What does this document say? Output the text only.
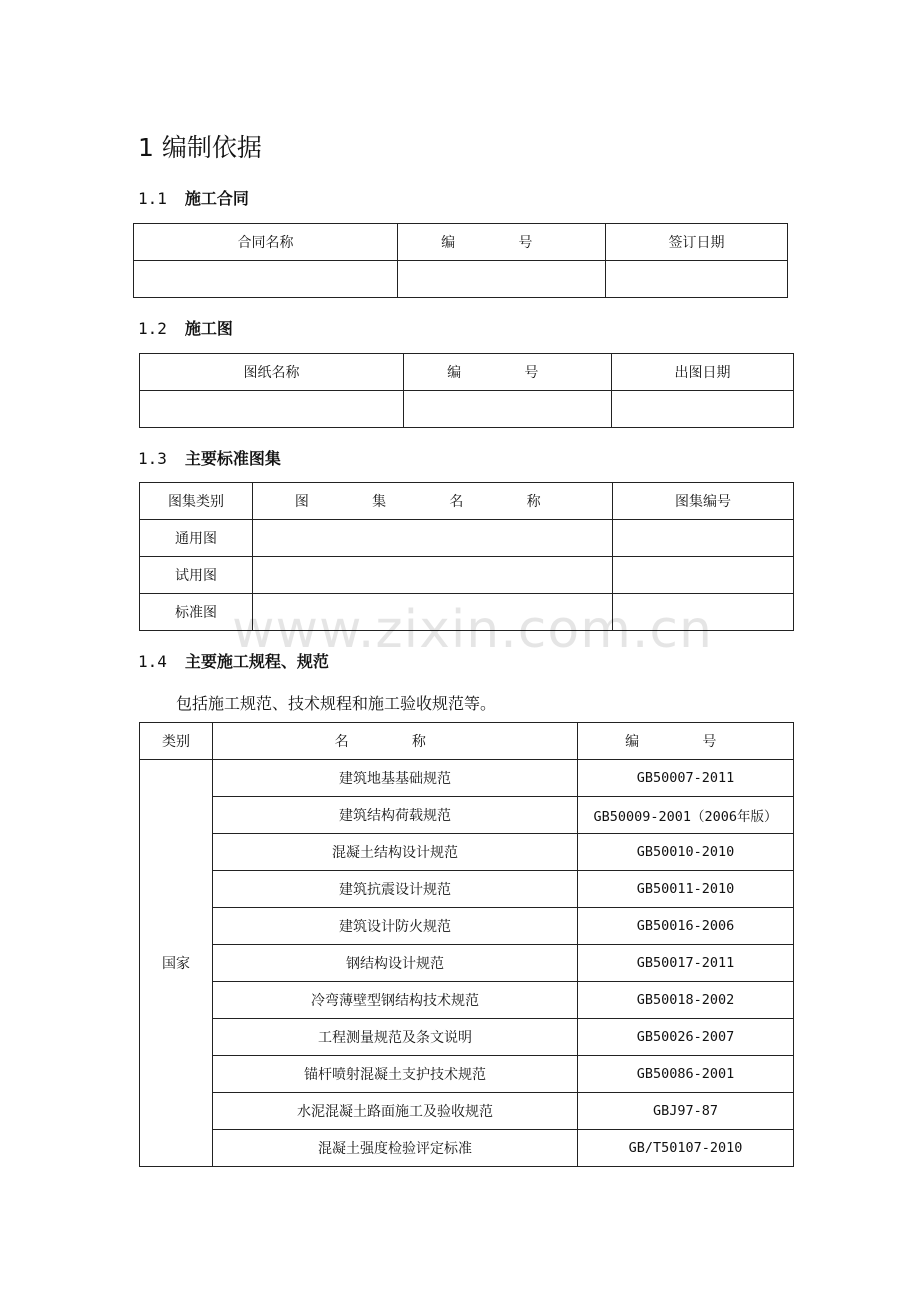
1 编制依据
1.1 施工合同
合同名称	编 号	签订日期

1.2 施工图
图纸名称	编 号	出图日期

1.3 主要标准图集
图集类别	图 集 名 称	图集编号
通用图		
试用图		
标准图		www.zixin.com.cn
1.4 主要施工规程、规范
包括施工规范、技术规程和施工验收规范等。
类别	名 称	编 号
国家	建筑地基基础规范	GB50007-2011
	建筑结构荷载规范	GB50009-2001（2006年版）
	混凝土结构设计规范	GB50010-2010
	建筑抗震设计规范	GB50011-2010
	建筑设计防火规范	GB50016-2006
	钢结构设计规范	GB50017-2011
	冷弯薄壁型钢结构技术规范	GB50018-2002
	工程测量规范及条文说明	GB50026-2007
	锚杆喷射混凝土支护技术规范	GB50086-2001
	水泥混凝土路面施工及验收规范	GBJ97-87
	混凝土强度检验评定标准	GB/T50107-2010
